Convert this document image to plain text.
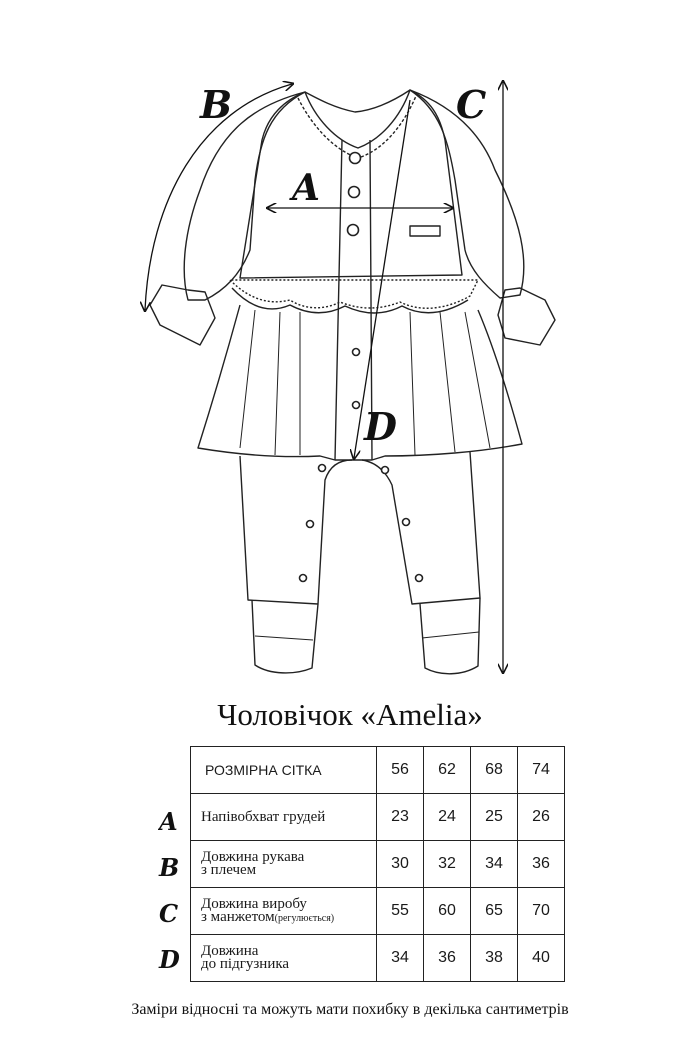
B
A
C
D
Чоловічок «Amelia»
A
B
C
D
РОЗМІРНА СІТКА	56	62	68	74
Напівобхват грудей	23	24	25	26
Довжина рукава
з плечем	30	32	34	36
Довжина виробу
з манжетом(регулюється)	55	60	65	70
Довжина
до підгузника	34	36	38	40
Заміри відносні та можуть мати похибку в декілька сантиметрів
